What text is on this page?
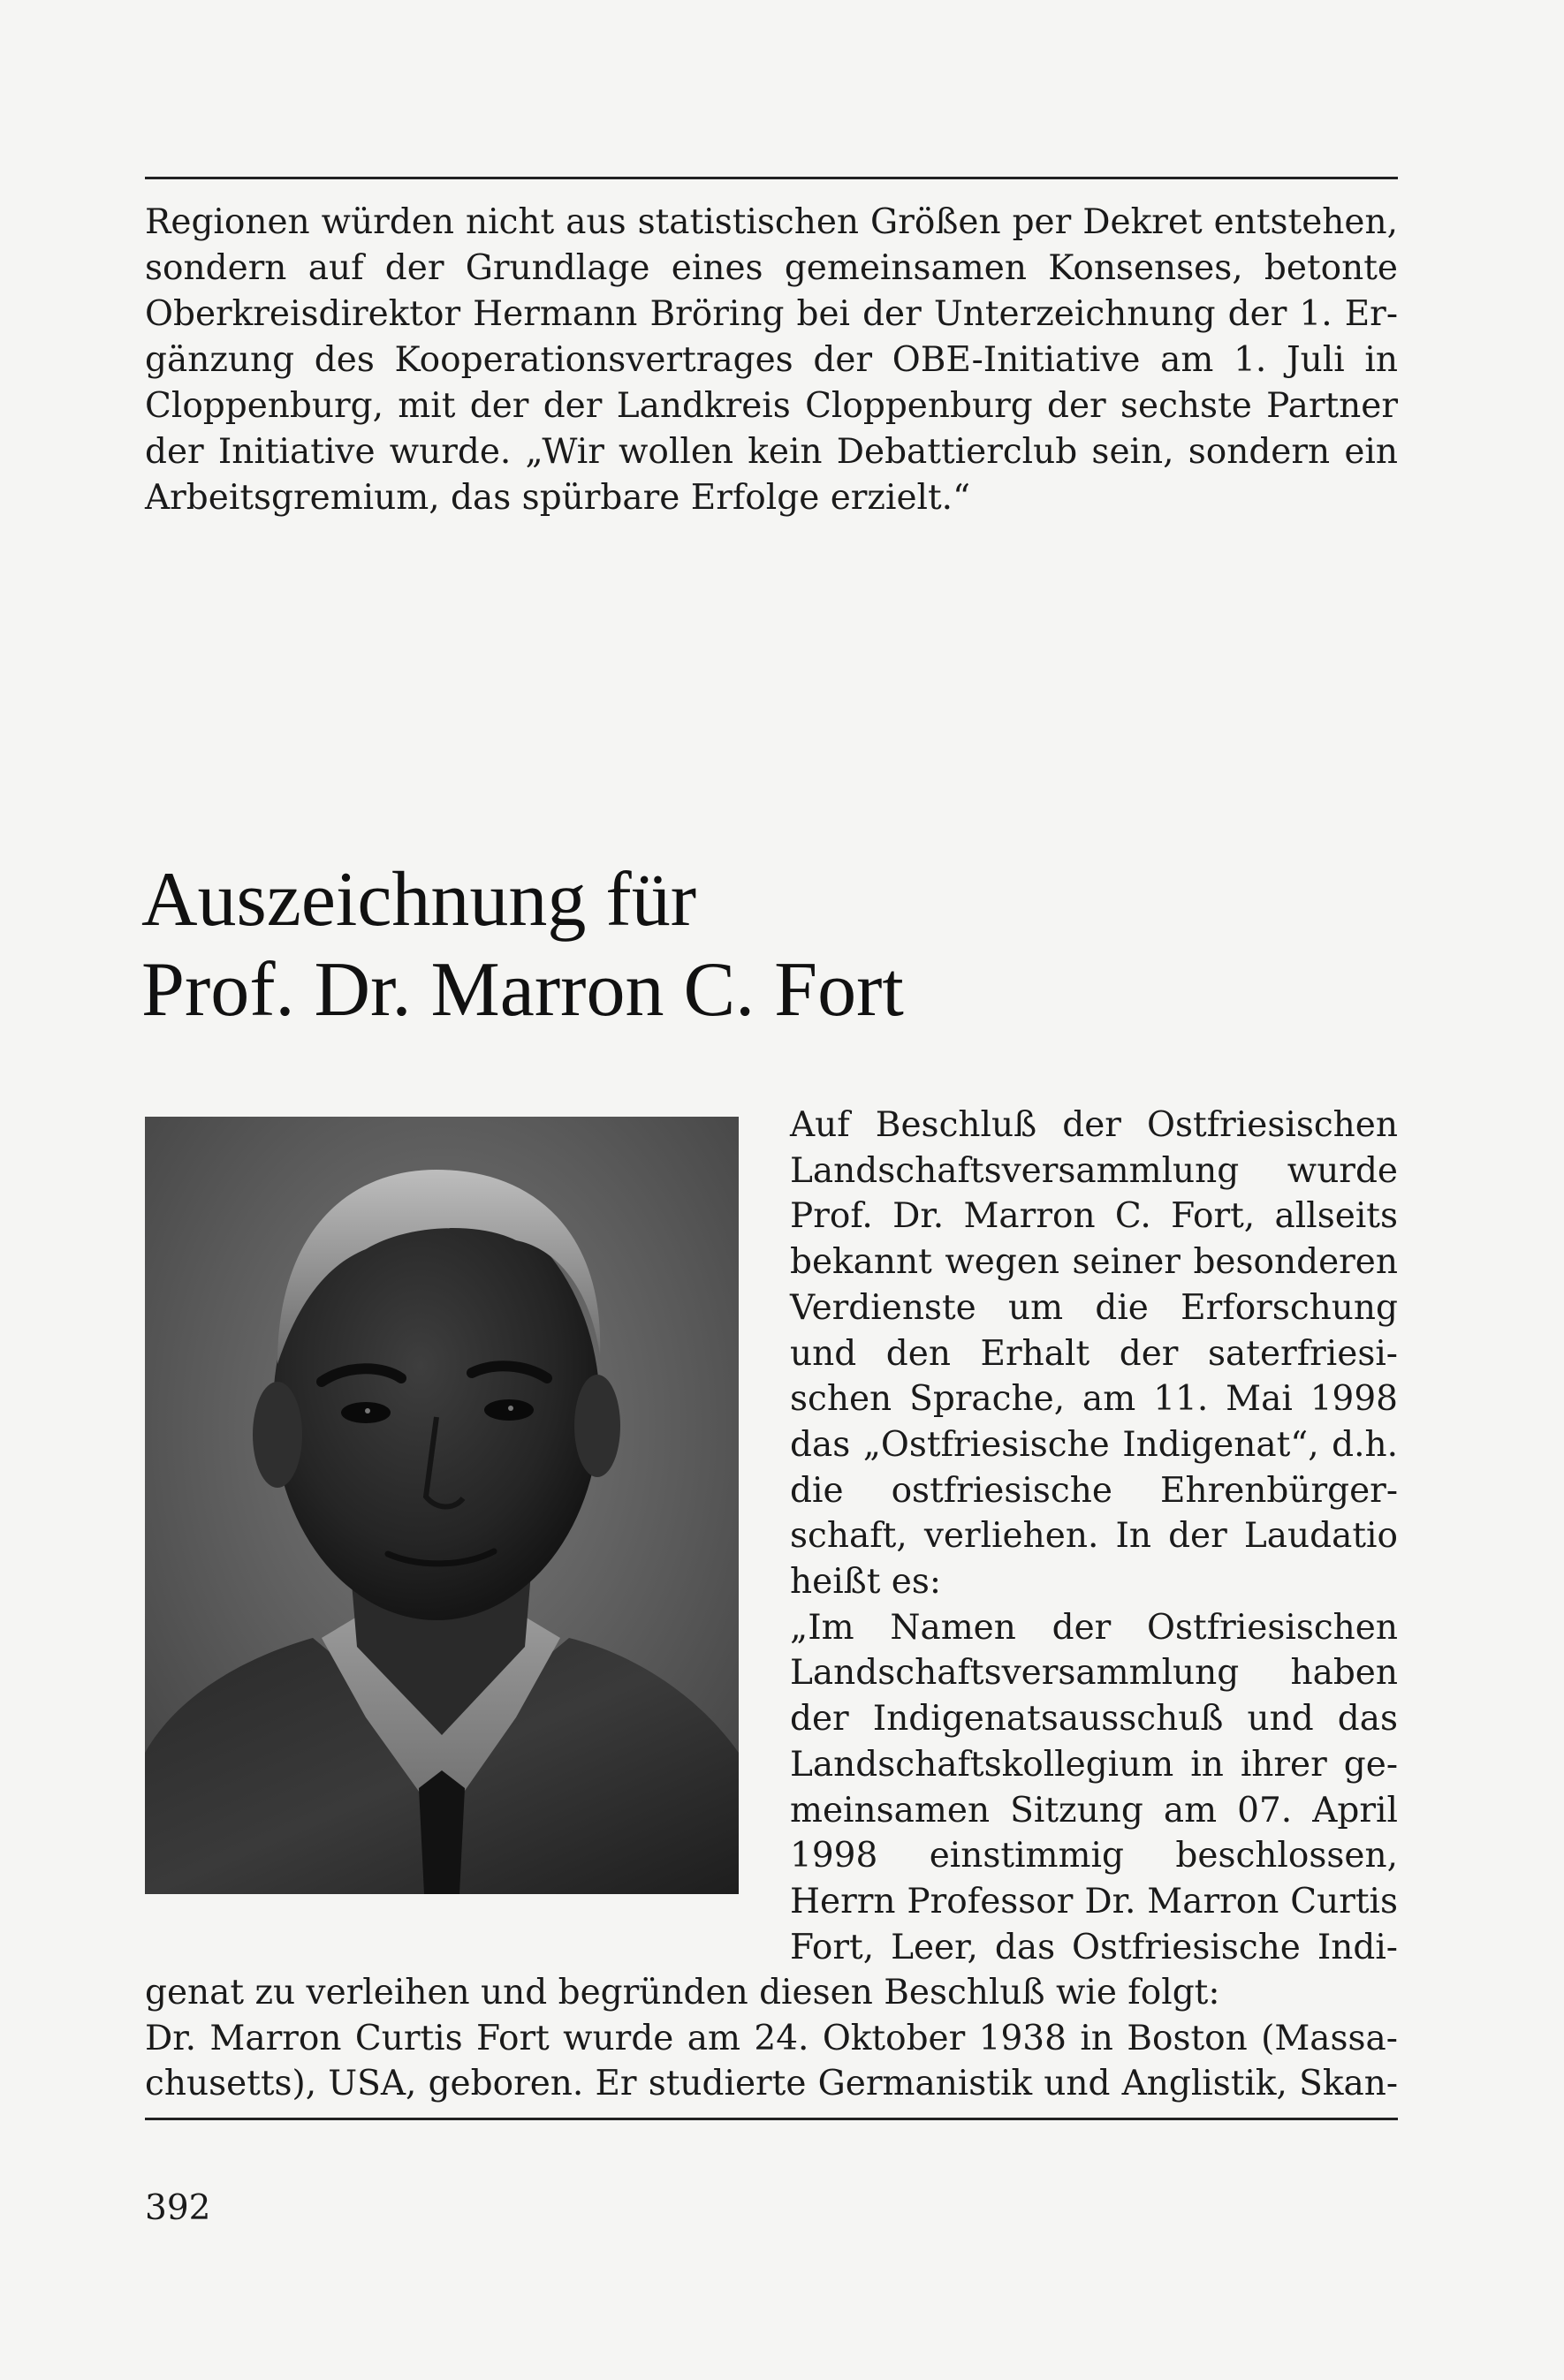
Regionen würden nicht aus statistischen Größen per Dekret entstehen,
sondern auf der Grundlage eines gemeinsamen Konsenses, betonte
Oberkreisdirektor Hermann Bröring bei der Unterzeichnung der 1. Er-
gänzung des Kooperationsvertrages der OBE-Initiative am 1. Juli in
Cloppenburg, mit der der Landkreis Cloppenburg der sechste Partner
der Initiative wurde. „Wir wollen kein Debattierclub sein, sondern ein
Arbeitsgremium, das spürbare Erfolge erzielt.“
Auszeichnung für
Prof. Dr. Marron C. Fort
Auf Beschluß der Ostfriesischen
Landschaftsversammlung wurde
Prof. Dr. Marron C. Fort, allseits
bekannt wegen seiner besonderen
Verdienste um die Erforschung
und den Erhalt der saterfriesi-
schen Sprache, am 11. Mai 1998
das „Ostfriesische Indigenat“, d.h.
die ostfriesische Ehrenbürger-
schaft, verliehen. In der Laudatio
heißt es:
„Im Namen der Ostfriesischen
Landschaftsversammlung haben
der Indigenatsausschuß und das
Landschaftskollegium in ihrer ge-
meinsamen Sitzung am 07. April
1998 einstimmig beschlossen,
Herrn Professor Dr. Marron Curtis
Fort, Leer, das Ostfriesische Indi-
genat zu verleihen und begründen diesen Beschluß wie folgt:
Dr. Marron Curtis Fort wurde am 24. Oktober 1938 in Boston (Massa-
chusetts), USA, geboren. Er studierte Germanistik und Anglistik, Skan-
392
